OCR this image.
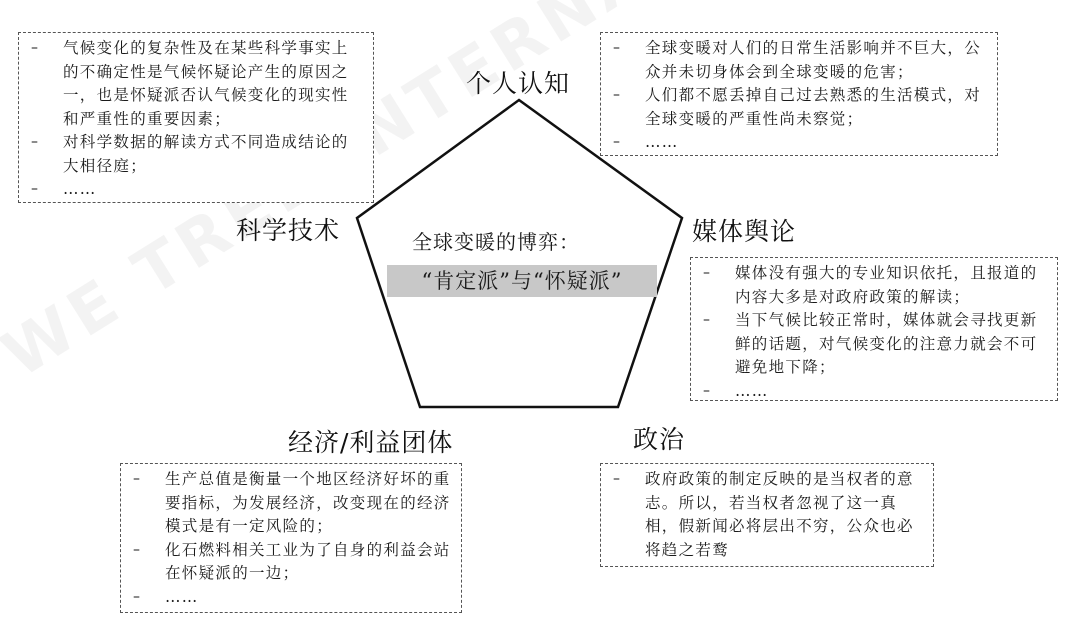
全球变暖的博弈：
“肯定派”与“怀疑派”
个人认知
科学技术	媒体舆论
经济/利益团体	政治
– 气候变化的复杂性及在某些科学事实上的不确定性是气候怀疑论产生的原因之一，也是怀疑派否认气候变化的现实性和严重性的重要因素；
– 对科学数据的解读方式不同造成结论的大相径庭；
– ……
– 全球变暖对人们的日常生活影响并不巨大，公众并未切身体会到全球变暖的危害；
– 人们都不愿丢掉自己过去熟悉的生活模式，对全球变暖的严重性尚未察觉；
– ……
– 媒体没有强大的专业知识依托，且报道的内容大多是对政府政策的解读；
– 当下气候比较正常时，媒体就会寻找更新鲜的话题，对气候变化的注意力就会不可避免地下降；
– ……
– 生产总值是衡量一个地区经济好坏的重要指标，为发展经济，改变现在的经济模式是有一定风险的；
– 化石燃料相关工业为了自身的利益会站在怀疑派的一边；
– ……
– 政府政策的制定反映的是当权者的意志。所以，若当权者忽视了这一真相，假新闻必将层出不穷，公众也必将趋之若鹜
